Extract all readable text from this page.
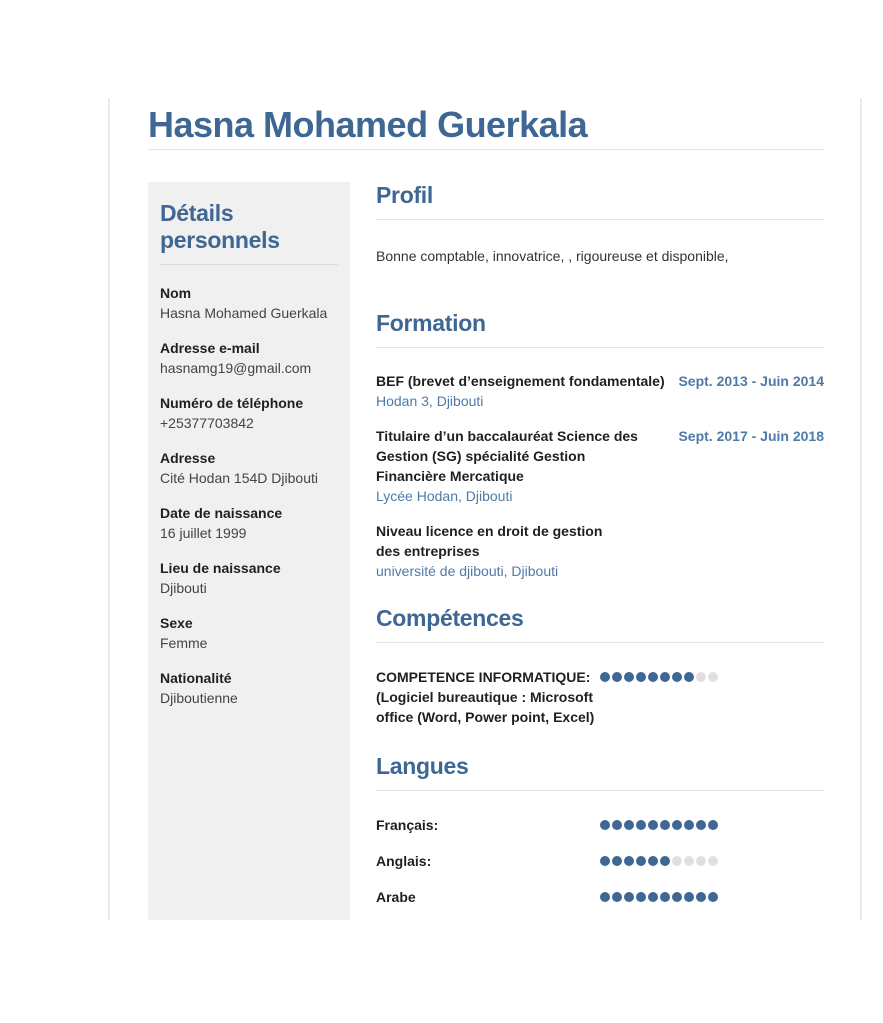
Hasna Mohamed Guerkala
Détails personnels
Nom
Hasna Mohamed Guerkala
Adresse e-mail
hasnamg19@gmail.com
Numéro de téléphone
+25377703842
Adresse
Cité Hodan 154D Djibouti
Date de naissance
16 juillet 1999
Lieu de naissance
Djibouti
Sexe
Femme
Nationalité
Djiboutienne
Profil

Bonne comptable, innovatrice, , rigoureuse et disponible,

Formation
BEF (brevet d’enseignement fondamentale)
Hodan 3, Djibouti
Sept. 2013 - Juin 2014
Titulaire d’un baccalauréat Science des Gestion (SG) spécialité Gestion Financière Mercatique
Lycée Hodan, Djibouti
Sept. 2017 - Juin 2018
Niveau licence en droit de gestion des entreprises
université de djibouti, Djibouti
Compétences
COMPETENCE INFORMATIQUE:(Logiciel bureautique : Microsoft office (Word, Power point, Excel)
Langues
Français:
Anglais:
Arabe
